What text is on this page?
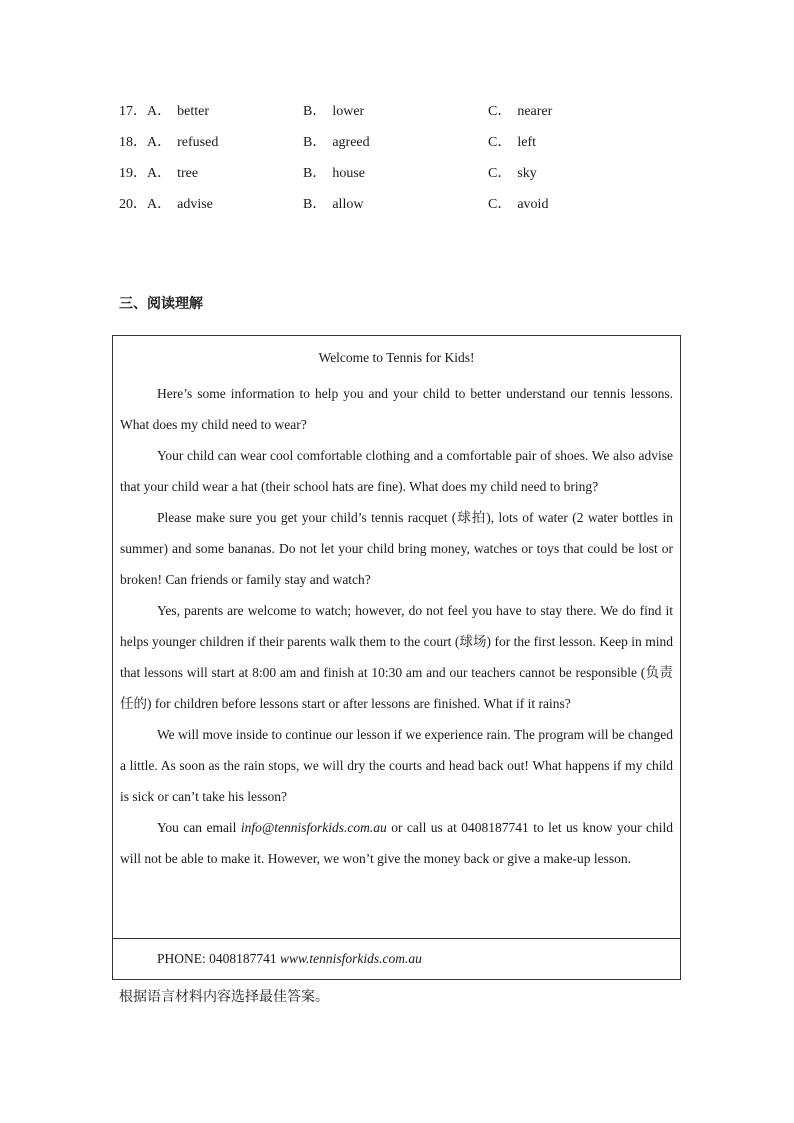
17．A． better	B． lower	C． nearer
18．A． refused	B． agreed	C． left
19．A． tree	B． house	C． sky
20．A． advise	B． allow	C． avoid
三、阅读理解
Welcome to Tennis for Kids!

Here’s some information to help you and your child to better understand our tennis lessons. What does my child need to wear?

Your child can wear cool comfortable clothing and a comfortable pair of shoes. We also advise that your child wear a hat (their school hats are fine). What does my child need to bring?

Please make sure you get your child’s tennis racquet (球拍), lots of water (2 water bottles in summer) and some bananas. Do not let your child bring money, watches or toys that could be lost or broken! Can friends or family stay and watch?

Yes, parents are welcome to watch; however, do not feel you have to stay there. We do find it helps younger children if their parents walk them to the court (球场) for the first lesson. Keep in mind that lessons will start at 8:00 am and finish at 10:30 am and our teachers cannot be responsible (负责任的) for children before lessons start or after lessons are finished. What if it rains?

We will move inside to continue our lesson if we experience rain. The program will be changed a little. As soon as the rain stops, we will dry the courts and head back out! What happens if my child is sick or can’t take his lesson?

You can email info@tennisforkids.com.au or call us at 0408187741 to let us know your child will not be able to make it. However, we won’t give the money back or give a make-up lesson.

PHONE: 0408187741 www.tennisforkids.com.au
根据语言材料内容选择最佳答案。
